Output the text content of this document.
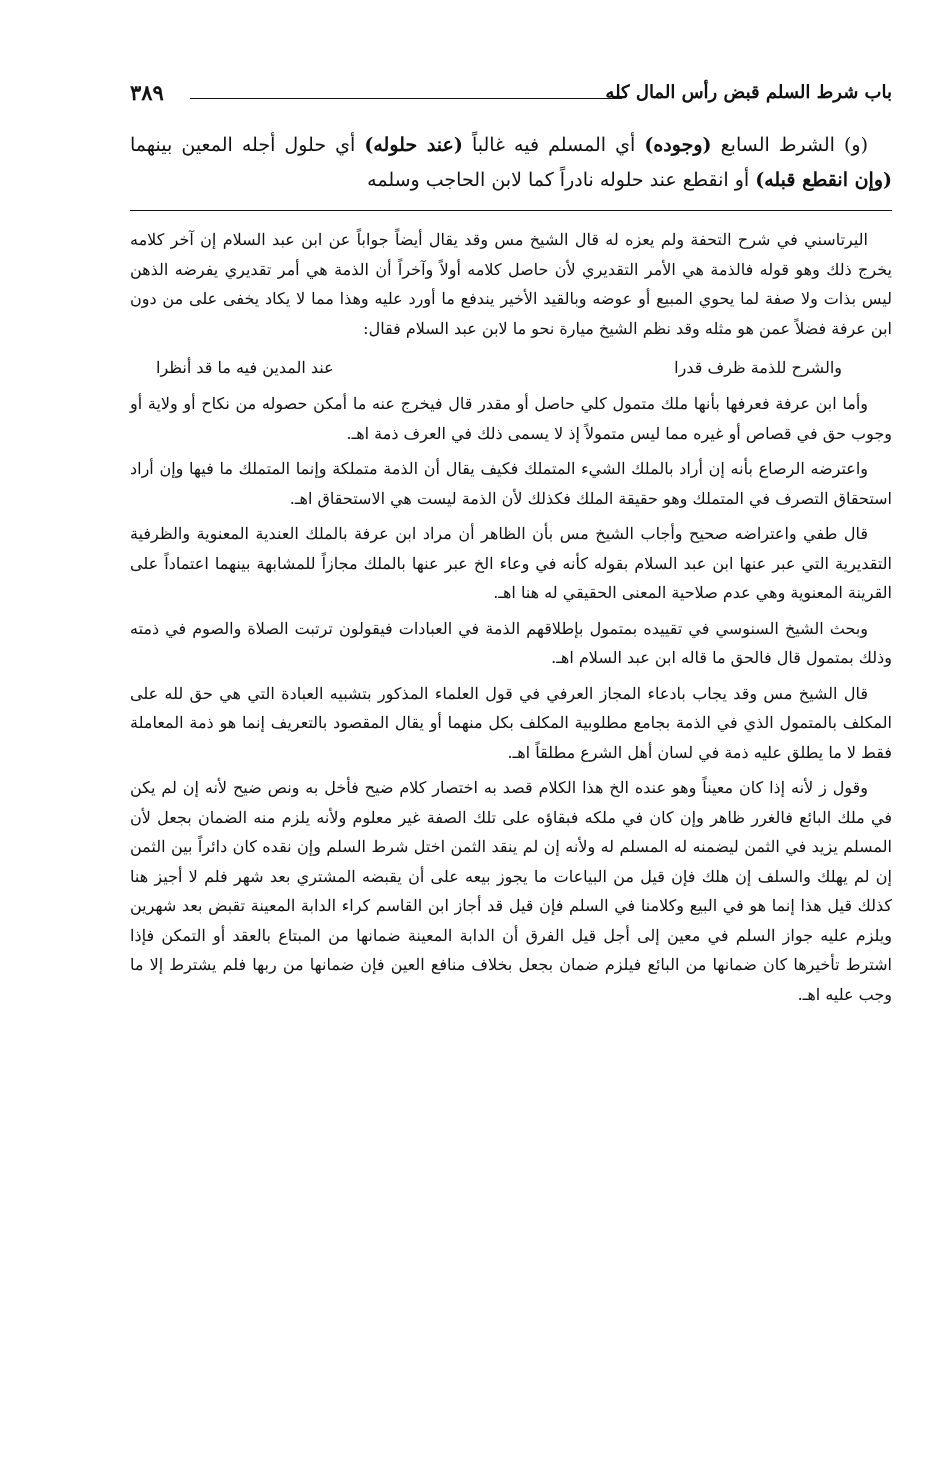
باب شرط السلم قبض رأس المال كله
٣٨٩

(و) الشرط السابع (وجوده) أي المسلم فيه غالباً (عند حلوله) أي حلول أجله المعين بينهما (وإن انقطع قبله) أو انقطع عند حلوله نادراً كما لابن الحاجب وسلمه

اليرتاسني في شرح التحفة ولم يعزه له قال الشيخ مس وقد يقال أيضاً جواباً عن ابن عبد السلام إن آخر كلامه يخرج ذلك وهو قوله فالذمة هي الأمر التقديري لأن حاصل كلامه أولاً وآخراً أن الذمة هي أمر تقديري يفرضه الذهن ليس بذات ولا صفة لما يحوي المبيع أو عوضه وبالقيد الأخير يندفع ما أورد عليه وهذا مما لا يكاد يخفى على من دون ابن عرفة فضلاً عمن هو مثله وقد نظم الشيخ ميارة نحو ما لابن عبد السلام فقال:

والشرح للذمة ظرف قدرا
عند المدين فيه ما قد أنظرا

وأما ابن عرفة فعرفها بأنها ملك متمول كلي حاصل أو مقدر قال فيخرج عنه ما أمكن حصوله من نكاح أو ولاية أو وجوب حق في قصاص أو غيره مما ليس متمولاً إذ لا يسمى ذلك في العرف ذمة اهـ.

واعترضه الرصاع بأنه إن أراد بالملك الشيء المتملك فكيف يقال أن الذمة متملكة وإنما المتملك ما فيها وإن أراد استحقاق التصرف في المتملك وهو حقيقة الملك فكذلك لأن الذمة ليست هي الاستحقاق اهـ.

قال طفي واعتراضه صحيح وأجاب الشيخ مس بأن الظاهر أن مراد ابن عرفة بالملك العندية المعنوية والظرفية التقديرية التي عبر عنها ابن عبد السلام بقوله كأنه في وعاء الخ عبر عنها بالملك مجازاً للمشابهة بينهما اعتماداً على القرينة المعنوية وهي عدم صلاحية المعنى الحقيقي له هنا اهـ.

وبحث الشيخ السنوسي في تقييده بمتمول بإطلاقهم الذمة في العبادات فيقولون ترتبت الصلاة والصوم في ذمته وذلك بمتمول قال فالحق ما قاله ابن عبد السلام اهـ.

قال الشيخ مس وقد يجاب بادعاء المجاز العرفي في قول العلماء المذكور بتشبيه العبادة التي هي حق لله على المكلف بالمتمول الذي في الذمة بجامع مطلوبية المكلف بكل منهما أو يقال المقصود بالتعريف إنما هو ذمة المعاملة فقط لا ما يطلق عليه ذمة في لسان أهل الشرع مطلقاً اهـ.

وقول ز لأنه إذا كان معيناً وهو عنده الخ هذا الكلام قصد به اختصار كلام ضيح فأخل به ونص ضيح لأنه إن لم يكن في ملك البائع فالغرر ظاهر وإن كان في ملكه فبقاؤه على تلك الصفة غير معلوم ولأنه يلزم منه الضمان بجعل لأن المسلم يزيد في الثمن ليضمنه له المسلم له ولأنه إن لم ينقد الثمن اختل شرط السلم وإن نقده كان دائراً بين الثمن إن لم يهلك والسلف إن هلك فإن قيل من البياعات ما يجوز بيعه على أن يقبضه المشتري بعد شهر فلم لا أجيز هنا كذلك قيل هذا إنما هو في البيع وكلامنا في السلم فإن قيل قد أجاز ابن القاسم كراء الدابة المعينة تقبض بعد شهرين ويلزم عليه جواز السلم في معين إلى أجل قيل الفرق أن الدابة المعينة ضمانها من المبتاع بالعقد أو التمكن فإذا اشترط تأخيرها كان ضمانها من البائع فيلزم ضمان بجعل بخلاف منافع العين فإن ضمانها من ربها فلم يشترط إلا ما وجب عليه اهـ.
